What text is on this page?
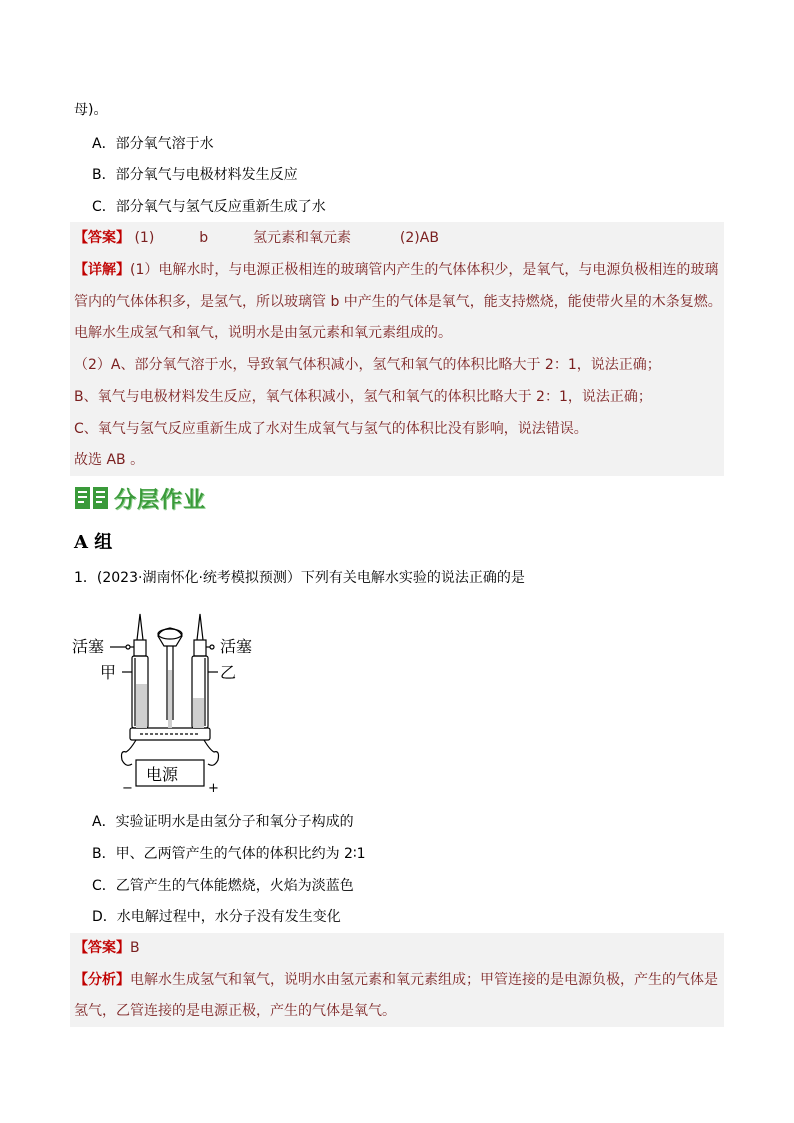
母)。
A．部分氧气溶于水
B．部分氧气与电极材料发生反应
C．部分氧气与氢气反应重新生成了水
【答案】 (1)	b	氢元素和氧元素	(2)AB
【详解】(1）电解水时，与电源正极相连的玻璃管内产生的气体体积少，是氧气，与电源负极相连的玻璃
管内的气体体积多，是氢气，所以玻璃管 b 中产生的气体是氧气，能支持燃烧，能使带火星的木条复燃。
电解水生成氢气和氧气，说明水是由氢元素和氧元素组成的。
（2）A、部分氧气溶于水，导致氧气体积减小，氢气和氧气的体积比略大于 2：1，说法正确；
B、氧气与电极材料发生反应，氧气体积减小，氢气和氧气的体积比略大于 2：1，说法正确；
C、氧气与氢气反应重新生成了水对生成氧气与氢气的体积比没有影响，说法错误。
故选 AB 。
分层作业
A 组
1．(2023·湖南怀化·统考模拟预测）下列有关电解水实验的说法正确的是
活塞	活塞
甲	乙
电源
−	+
A．实验证明水是由氢分子和氧分子构成的
B．甲、乙两管产生的气体的体积比约为 2∶1
C．乙管产生的气体能燃烧，火焰为淡蓝色
D．水电解过程中，水分子没有发生变化
【答案】B
【分析】电解水生成氢气和氧气，说明水由氢元素和氧元素组成；甲管连接的是电源负极，产生的气体是
氢气，乙管连接的是电源正极，产生的气体是氧气。
